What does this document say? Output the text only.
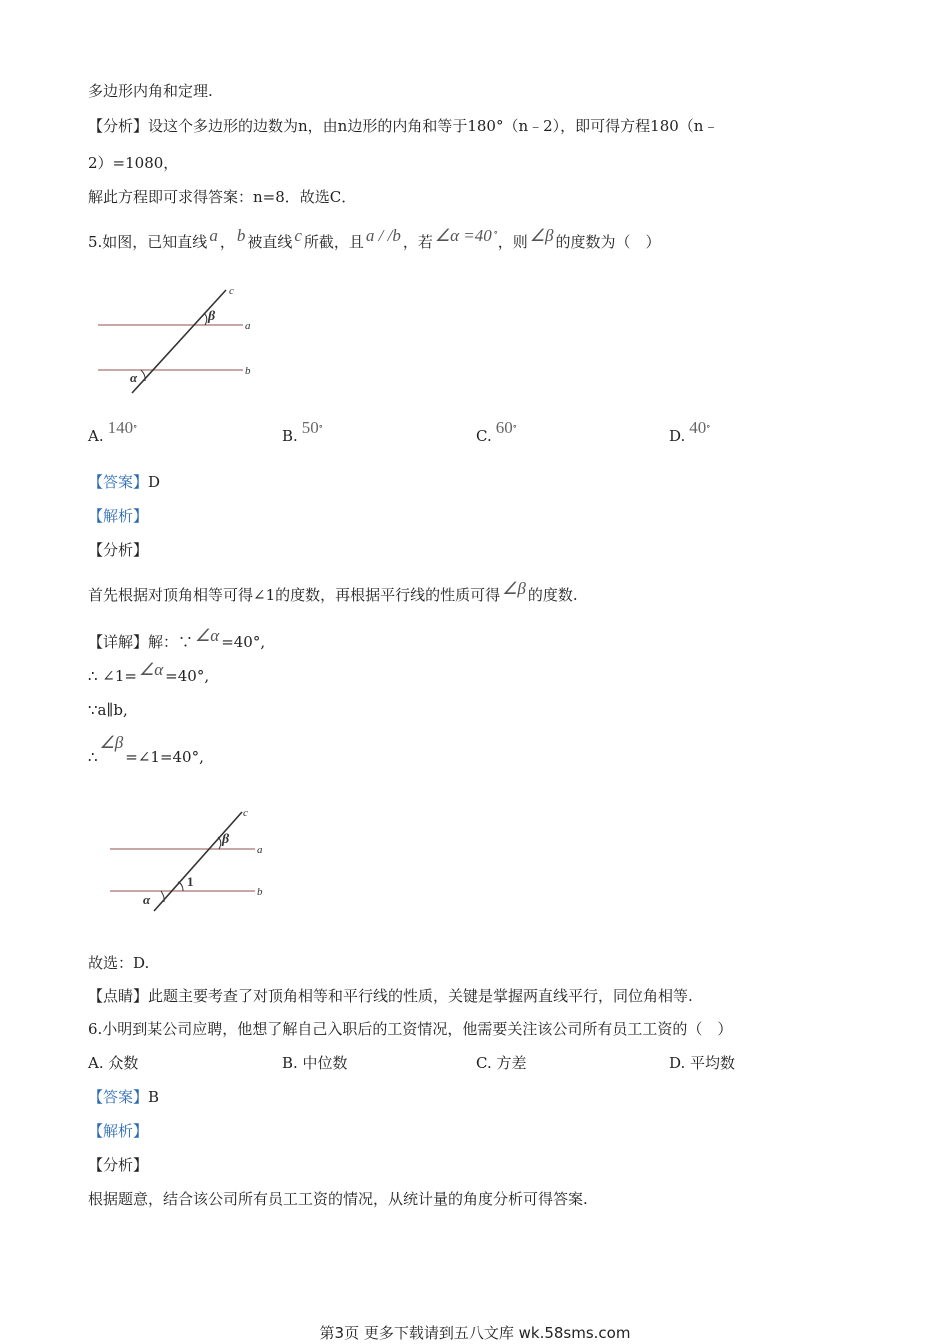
多边形内角和定理.
【分析】设这个多边形的边数为n，由n边形的内角和等于180°（n﹣2），即可得方程180（n﹣
2）=1080，
解此方程即可求得答案：n=8．故选C．
5.如图，已知直线 a ， b 被直线 c 所截，且 a / /b ，若 ∠α =40 °，则 ∠β 的度数为（　）
c
β
a
b
α
A. 140°	B. 50°	C. 60°	D. 40°
【答案】D
【解析】
【分析】
首先根据对顶角相等可得∠1的度数，再根据平行线的性质可得 ∠β 的度数.
【详解】解：∵ ∠α =40°,
∴ ∠1= ∠α =40°,
∵a∥b,
∴∠β=∠1=40°,
c
β
a
1
b
α
故选：D.
【点睛】此题主要考查了对顶角相等和平行线的性质，关键是掌握两直线平行，同位角相等.
6.小明到某公司应聘，他想了解自己入职后的工资情况，他需要关注该公司所有员工工资的（　）
A. 众数	B. 中位数	C. 方差	D. 平均数
【答案】B
【解析】
【分析】
根据题意，结合该公司所有员工工资的情况，从统计量的角度分析可得答案.
第3页 更多下载请到五八文库 wk.58sms.com
